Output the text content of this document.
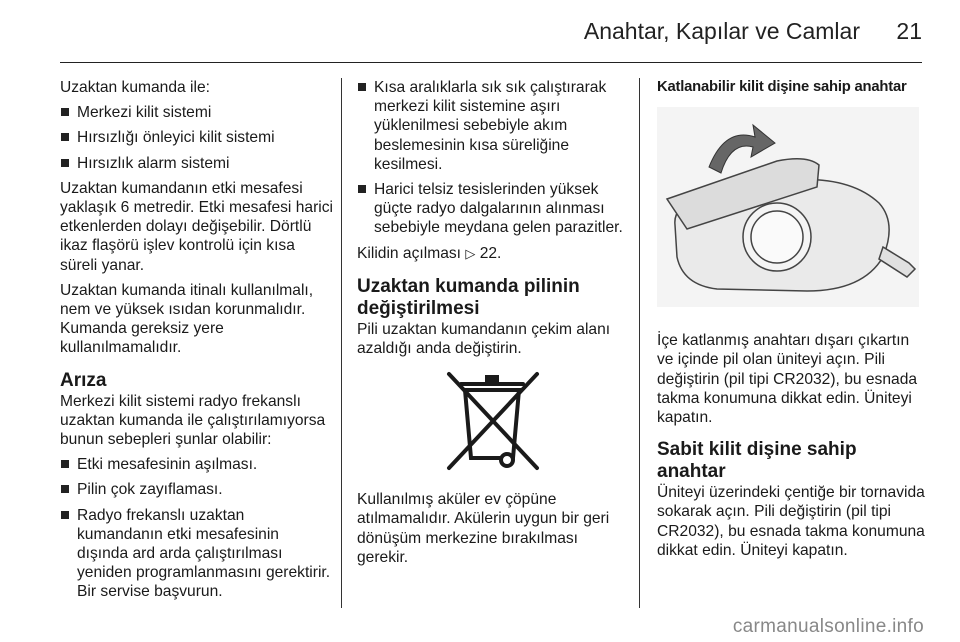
Anahtar, Kapılar ve Camlar 21

Uzaktan kumanda ile:

Merkezi kilit sistemi
Hırsızlığı önleyici kilit sistemi
Hırsızlık alarm sistemi

Uzaktan kumandanın etki mesafesi yaklaşık 6 metredir. Etki mesafesi harici etkenlerden dolayı değişebilir. Dörtlü ikaz flaşörü işlev kontrolü için kısa süreli yanar.

Uzaktan kumanda itinalı kullanılmalı, nem ve yüksek ısıdan korunmalıdır. Kumanda gereksiz yere kullanılmamalıdır.

Arıza

Merkezi kilit sistemi radyo frekanslı uzaktan kumanda ile çalıştırılamıyorsa bunun sebepleri şunlar olabilir:

Etki mesafesinin aşılması.
Pilin çok zayıflaması.
Radyo frekanslı uzaktan kumandanın etki mesafesinin dışında ard arda çalıştırılması yeniden programlanmasını gerektirir. Bir servise başvurun.
Kısa aralıklarla sık sık çalıştırarak merkezi kilit sistemine aşırı yüklenilmesi sebebiyle akım beslemesinin kısa süreliğine kesilmesi.
Harici telsiz tesislerinden yüksek güçte radyo dalgalarının alınması sebebiyle meydana gelen parazitler.

Kilidin açılması ▷ 22.

Uzaktan kumanda pilinin değiştirilmesi

Pili uzaktan kumandanın çekim alanı azaldığı anda değiştirin.

Kullanılmış aküler ev çöpüne atılmamalıdır. Akülerin uygun bir geri dönüşüm merkezine bırakılması gerekir.

Katlanabilir kilit dişine sahip anahtar

İçe katlanmış anahtarı dışarı çıkartın ve içinde pil olan üniteyi açın. Pili değiştirin (pil tipi CR2032), bu esnada takma konumuna dikkat edin. Üniteyi kapatın.

Sabit kilit dişine sahip anahtar

Üniteyi üzerindeki çentiğe bir tornavida sokarak açın. Pili değiştirin (pil tipi CR2032), bu esnada takma konumuna dikkat edin. Üniteyi kapatın.

carmanualsonline.info
